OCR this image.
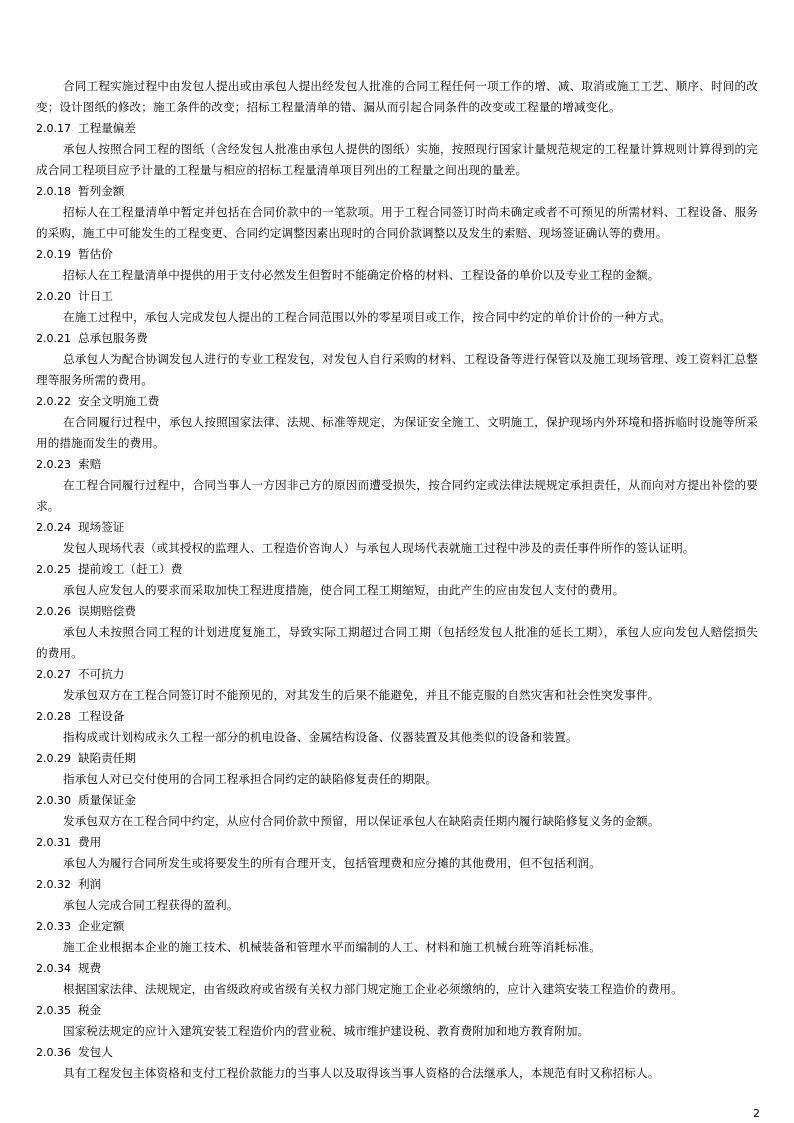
合同工程实施过程中由发包人提出或由承包人提出经发包人批准的合同工程任何一项工作的增、减、取消或施工工艺、顺序、时间的改变；设计图纸的修改；施工条件的改变；招标工程量清单的错、漏从而引起合同条件的改变或工程量的增减变化。

2.0.17 工程量偏差

承包人按照合同工程的图纸（含经发包人批准由承包人提供的图纸）实施，按照现行国家计量规范规定的工程量计算规则计算得到的完成合同工程项目应予计量的工程量与相应的招标工程量清单项目列出的工程量之间出现的量差。

2.0.18 暂列金额

招标人在工程量清单中暂定并包括在合同价款中的一笔款项。用于工程合同签订时尚未确定或者不可预见的所需材料、工程设备、服务的采购，施工中可能发生的工程变更、合同约定调整因素出现时的合同价款调整以及发生的索赔、现场签证确认等的费用。

2.0.19 暂估价

招标人在工程量清单中提供的用于支付必然发生但暂时不能确定价格的材料、工程设备的单价以及专业工程的金额。

2.0.20 计日工

在施工过程中，承包人完成发包人提出的工程合同范围以外的零星项目或工作，按合同中约定的单价计价的一种方式。

2.0.21 总承包服务费

总承包人为配合协调发包人进行的专业工程发包，对发包人自行采购的材料、工程设备等进行保管以及施工现场管理、竣工资料汇总整理等服务所需的费用。

2.0.22 安全文明施工费

在合同履行过程中，承包人按照国家法律、法规、标准等规定，为保证安全施工、文明施工，保护现场内外环境和搭拆临时设施等所采用的措施而发生的费用。

2.0.23 索赔

在工程合同履行过程中，合同当事人一方因非己方的原因而遭受损失，按合同约定或法律法规规定承担责任，从而向对方提出补偿的要求。

2.0.24 现场签证

发包人现场代表（或其授权的监理人、工程造价咨询人）与承包人现场代表就施工过程中涉及的责任事件所作的签认证明。

2.0.25 提前竣工（赶工）费

承包人应发包人的要求而采取加快工程进度措施，使合同工程工期缩短，由此产生的应由发包人支付的费用。

2.0.26 误期赔偿费

承包人未按照合同工程的计划进度复施工，导致实际工期超过合同工期（包括经发包人批准的延长工期），承包人应向发包人赔偿损失的费用。

2.0.27 不可抗力

发承包双方在工程合同签订时不能预见的，对其发生的后果不能避免，并且不能克服的自然灾害和社会性突发事件。

2.0.28 工程设备

指构成或计划构成永久工程一部分的机电设备、金属结构设备、仪器装置及其他类似的设备和装置。

2.0.29 缺陷责任期

指承包人对已交付使用的合同工程承担合同约定的缺陷修复责任的期限。

2.0.30 质量保证金

发承包双方在工程合同中约定，从应付合同价款中预留，用以保证承包人在缺陷责任期内履行缺陷修复义务的金额。

2.0.31 费用

承包人为履行合同所发生或将要发生的所有合理开支，包括管理费和应分摊的其他费用，但不包括利润。

2.0.32 利润

承包人完成合同工程获得的盈利。

2.0.33 企业定额

施工企业根据本企业的施工技术、机械装备和管理水平而编制的人工、材料和施工机械台班等消耗标准。

2.0.34 规费

根据国家法律、法规规定，由省级政府或省级有关权力部门规定施工企业必须缴纳的，应计入建筑安装工程造价的费用。

2.0.35 税金

国家税法规定的应计入建筑安装工程造价内的营业税、城市维护建设税、教育费附加和地方教育附加。

2.0.36 发包人

具有工程发包主体资格和支付工程价款能力的当事人以及取得该当事人资格的合法继承人，本规范有时又称招标人。

2
